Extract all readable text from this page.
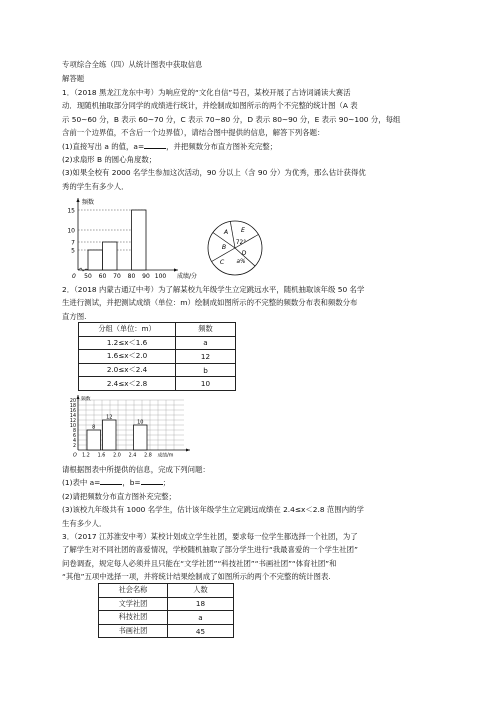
专项综合全练（四）从统计图表中获取信息
解答题

1．（2018 黑龙江龙东中考）为响应党的“文化自信”号召，某校开展了古诗词诵读大赛活

动．现随机抽取部分同学的成绩进行统计，并绘制成如图所示的两个不完整的统计图（A 表

示 50~60 分，B 表示 60~70 分，C 表示 70~80 分，D 表示 80~90 分，E 表示 90~100 分，每组

含前一个边界值，不含后一个边界值），请结合图中提供的信息，解答下列各题：

(1)直接写出 a 的值，a=	，并把频数分布直方图补充完整；

(2)求扇形 B 的圆心角度数；

(3)如果全校有 2000 名学生参加这次活动，90 分以上（含 90 分）为优秀，那么估计获得优

秀的学生有多少人．

5
7
10
15
50 60 70 80 90 100
0
频数
成绩/分
A
B
C
D
E
72°
a%

2．（2018 内蒙古通辽中考）为了解某校九年级学生立定跳远水平，随机抽取该年级 50 名学

生进行测试，并把测试成绩（单位：m）绘制成如图所示的不完整的频数分布表和频数分布

直方图.

分组（单位：m）	频数
1.2≤x＜1.6	a
1.6≤x＜2.0	12
2.0≤x＜2.4	b
2.4≤x＜2.8	10
2
4
6
8
10
12
14
16
18
20
8
12
10
1.2 1.6 2.0 2.4 2.8
O
频数
成绩/m

请根据图表中所提供的信息，完成下列问题：

(1)表中 a=	，b=	；

(2)请把频数分布直方图补充完整；

(3)该校九年级共有 1000 名学生，估计该年级学生立定跳远成绩在 2.4≤x＜2.8 范围内的学

生有多少人．

3．（2017 江苏淮安中考）某校计划成立学生社团，要求每一位学生都选择一个社团，为了

了解学生对不同社团的喜爱情况，学校随机抽取了部分学生进行“我最喜爱的一个学生社团”

问卷调查，规定每人必须并且只能在“文学社团”“科技社团”“书画社团”“体育社团”和

“其他”五项中选择一项，并将统计结果绘制成了如图所示的两个不完整的统计图表.

社会名称	人数
文学社团	18
科技社团	a
书画社团	45
